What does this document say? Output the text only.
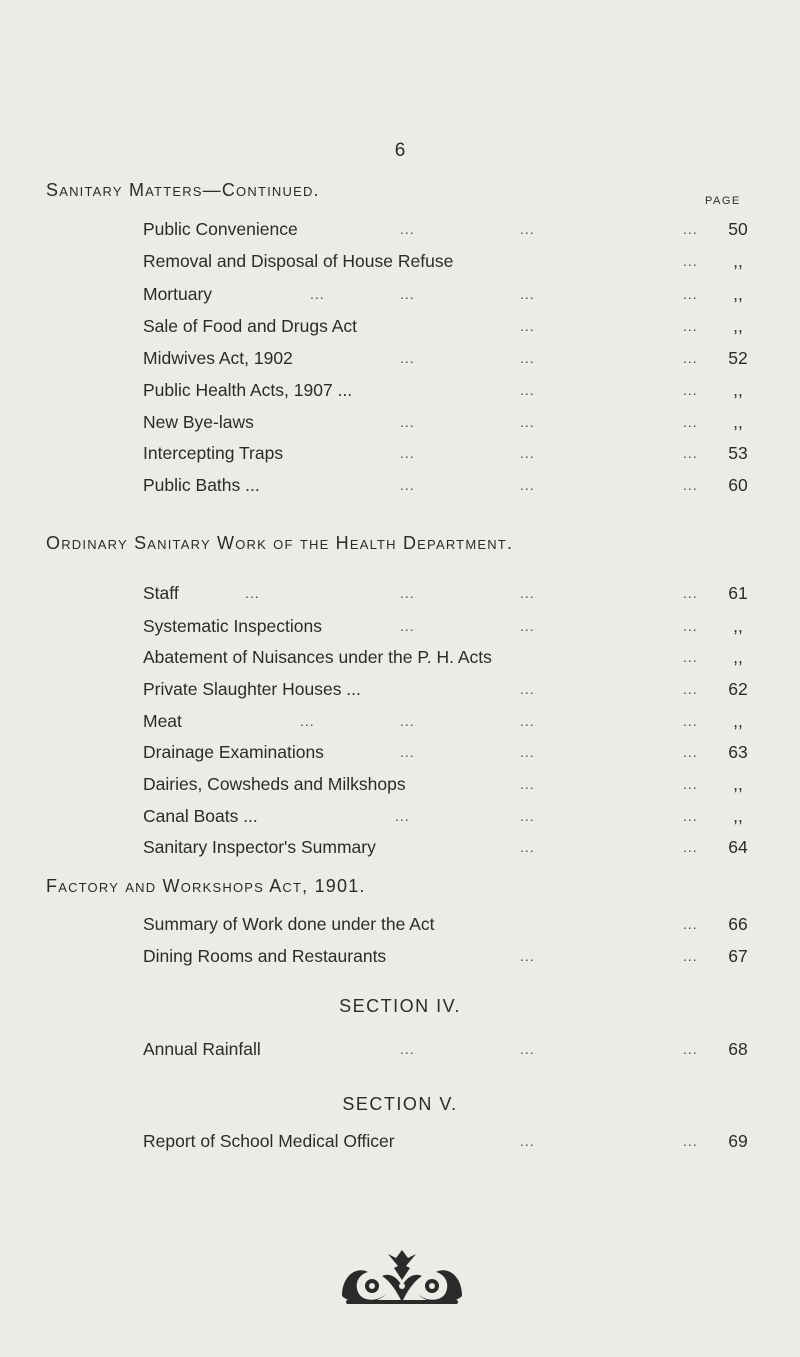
6
Sanitary Matters—Continued.
PAGE
Public Convenience	...	...	...	50
Removal and Disposal of House Refuse	...	,,
Mortuary	...	...	...	...	,,
Sale of Food and Drugs Act	...	...	,,
Midwives Act, 1902	...	...	...	52
Public Health Acts, 1907 ...	...	...	,,
New Bye-laws	...	...	...	,,
Intercepting Traps	...	...	...	53
Public Baths ...	...	...	...	60
Ordinary Sanitary Work of the Health Department.
Staff	...	...	...	...	61
Systematic Inspections	...	...	...	,,
Abatement of Nuisances under the P. H. Acts	...	,,
Private Slaughter Houses ...	...	...	62
Meat	...	...	...	...	,,
Drainage Examinations	...	...	...	63
Dairies, Cowsheds and Milkshops	...	...	,,
Canal Boats ...	...	...	...	,,
Sanitary Inspector's Summary	...	...	64
Factory and Workshops Act, 1901.
Summary of Work done under the Act	...	66
Dining Rooms and Restaurants	...	...	67
SECTION IV.
Annual Rainfall	...	...	...	68
SECTION V.
Report of School Medical Officer	...	...	69
